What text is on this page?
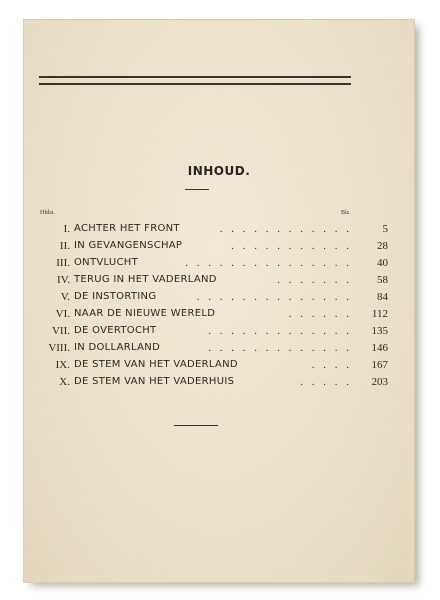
INHOUD.
Hfdst.	Blz.
I. ACHTER HET FRONT	. . . . . . . . . . . .	5
II. IN GEVANGENSCHAP	. . . . . . . . . . .	28
III. ONTVLUCHT	. . . . . . . . . . . . . . .	40
IV. TERUG IN HET VADERLAND	. . . . . . .	58
V. DE INSTORTING	. . . . . . . . . . . . . .	84
VI. NAAR DE NIEUWE WERELD	. . . . . .	112
VII. DE OVERTOCHT	. . . . . . . . . . . . .	135
VIII. IN DOLLARLAND	. . . . . . . . . . . . .	146
IX. DE STEM VAN HET VADERLAND	. . . .	167
X. DE STEM VAN HET VADERHUIS	. . . . .	203
